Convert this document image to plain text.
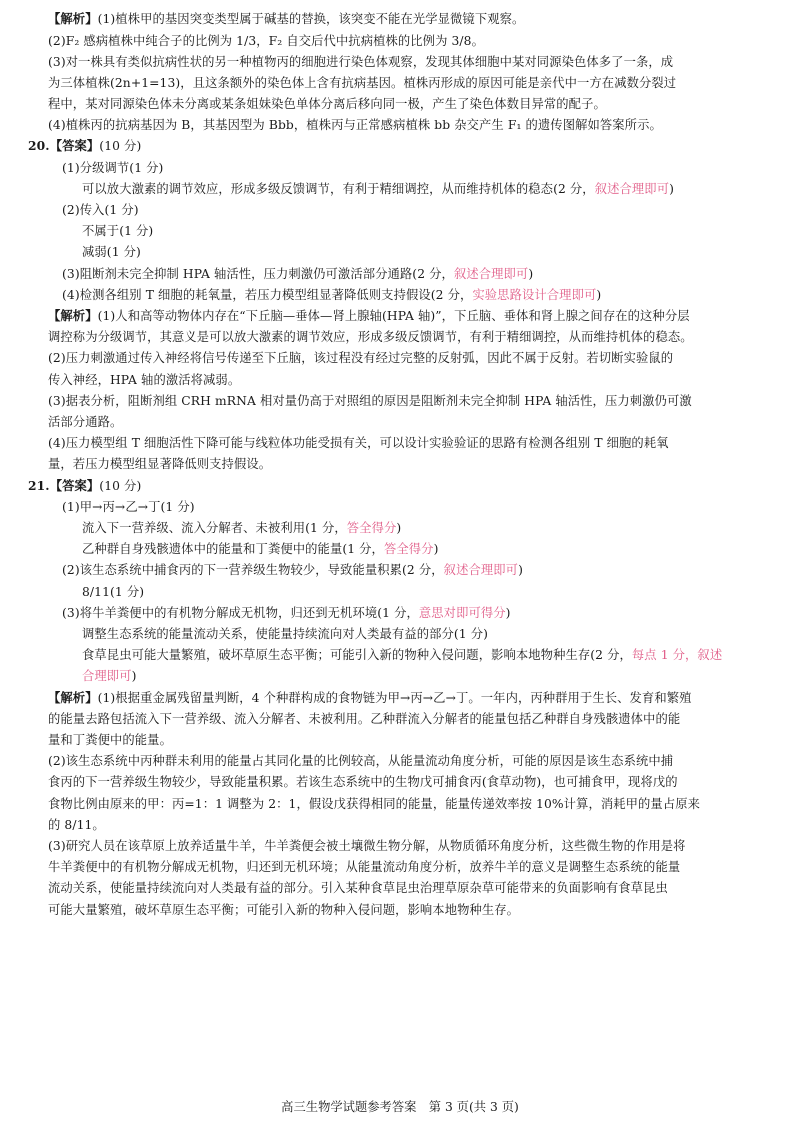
【解析】(1)植株甲的基因突变类型属于碱基的替换，该突变不能在光学显微镜下观察。
(2)F₂ 感病植株中纯合子的比例为 1/3，F₂ 自交后代中抗病植株的比例为 3/8。
(3)对一株具有类似抗病性状的另一种植物丙的细胞进行染色体观察，发现其体细胞中某对同源染色体多了一条，成
为三体植株(2n+1=13)，且这条额外的染色体上含有抗病基因。植株丙形成的原因可能是亲代中一方在减数分裂过
程中，某对同源染色体未分离或某条姐妹染色单体分离后移向同一极，产生了染色体数目异常的配子。
(4)植株丙的抗病基因为 B，其基因型为 Bbb，植株丙与正常感病植株 bb 杂交产生 F₁ 的遗传图解如答案所示。
20.【答案】(10 分)
(1)分级调节(1 分)
可以放大激素的调节效应，形成多级反馈调节，有利于精细调控，从而维持机体的稳态(2 分，叙述合理即可)
(2)传入(1 分)
不属于(1 分)
减弱(1 分)
(3)阻断剂未完全抑制 HPA 轴活性，压力刺激仍可激活部分通路(2 分，叙述合理即可)
(4)检测各组别 T 细胞的耗氧量，若压力模型组显著降低则支持假设(2 分，实验思路设计合理即可)
【解析】(1)人和高等动物体内存在“下丘脑—垂体—肾上腺轴(HPA 轴)”，下丘脑、垂体和肾上腺之间存在的这种分层
调控称为分级调节，其意义是可以放大激素的调节效应，形成多级反馈调节，有利于精细调控，从而维持机体的稳态。
(2)压力刺激通过传入神经将信号传递至下丘脑，该过程没有经过完整的反射弧，因此不属于反射。若切断实验鼠的
传入神经，HPA 轴的激活将减弱。
(3)据表分析，阻断剂组 CRH mRNA 相对量仍高于对照组的原因是阻断剂未完全抑制 HPA 轴活性，压力刺激仍可激
活部分通路。
(4)压力模型组 T 细胞活性下降可能与线粒体功能受损有关，可以设计实验验证的思路有检测各组别 T 细胞的耗氧
量，若压力模型组显著降低则支持假设。
21.【答案】(10 分)
(1)甲→丙→乙→丁(1 分)
流入下一营养级、流入分解者、未被利用(1 分，答全得分)
乙种群自身残骸遗体中的能量和丁粪便中的能量(1 分，答全得分)
(2)该生态系统中捕食丙的下一营养级生物较少，导致能量积累(2 分，叙述合理即可)
8/11(1 分)
(3)将牛羊粪便中的有机物分解成无机物，归还到无机环境(1 分，意思对即可得分)
调整生态系统的能量流动关系，使能量持续流向对人类最有益的部分(1 分)
食草昆虫可能大量繁殖，破坏草原生态平衡；可能引入新的物种入侵问题，影响本地物种生存(2 分，每点 1 分，叙述
合理即可)
【解析】(1)根据重金属残留量判断，4 个种群构成的食物链为甲→丙→乙→丁。一年内，丙种群用于生长、发育和繁殖
的能量去路包括流入下一营养级、流入分解者、未被利用。乙种群流入分解者的能量包括乙种群自身残骸遗体中的能
量和丁粪便中的能量。
(2)该生态系统中丙种群未利用的能量占其同化量的比例较高，从能量流动角度分析，可能的原因是该生态系统中捕
食丙的下一营养级生物较少，导致能量积累。若该生态系统中的生物戊可捕食丙(食草动物)，也可捕食甲，现将戊的
食物比例由原来的甲：丙=1：1 调整为 2：1，假设戊获得相同的能量，能量传递效率按 10%计算，消耗甲的量占原来
的 8/11。
(3)研究人员在该草原上放养适量牛羊，牛羊粪便会被土壤微生物分解，从物质循环角度分析，这些微生物的作用是将
牛羊粪便中的有机物分解成无机物，归还到无机环境；从能量流动角度分析，放养牛羊的意义是调整生态系统的能量
流动关系，使能量持续流向对人类最有益的部分。引入某种食草昆虫治理草原杂草可能带来的负面影响有食草昆虫
可能大量繁殖，破坏草原生态平衡；可能引入新的物种入侵问题，影响本地物种生存。
高三生物学试题参考答案　第 3 页(共 3 页)
